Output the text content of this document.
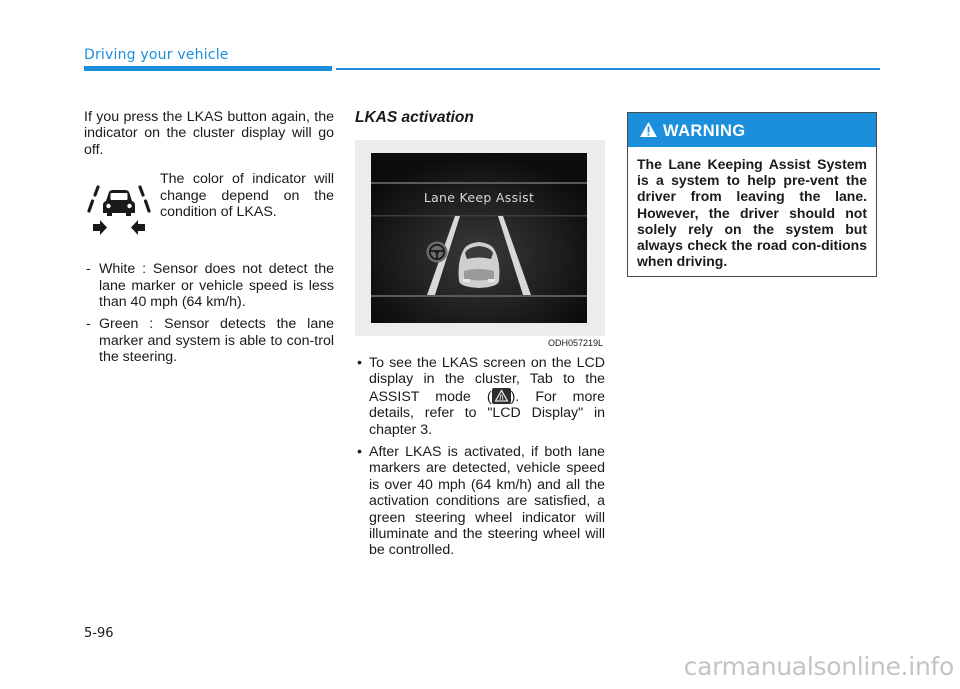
Driving your vehicle

If you press the LKAS button again, the indicator on the cluster display will go off.

The color of indicator will change depend on the condition of LKAS.
- White : Sensor does not detect the lane marker or vehicle speed is less than 40 mph (64 km/h).
- Green : Sensor detects the lane marker and system is able to con-trol the steering.
LKAS activation
Lane Keep Assist
ODH057219L
• To see the LKAS screen on the LCD display in the cluster, Tab to the ASSIST mode ( ). For more details, refer to "LCD Display" in chapter 3.
• After LKAS is activated, if both lane markers are detected, vehicle speed is over 40 mph (64 km/h) and all the activation conditions are satisfied, a green steering wheel indicator will illuminate and the steering wheel will be controlled.
WARNING
The Lane Keeping Assist System is a system to help pre-vent the driver from leaving the lane. However, the driver should not solely rely on the system but always check the road con-ditions when driving.
5-96
carmanualsonline.info
